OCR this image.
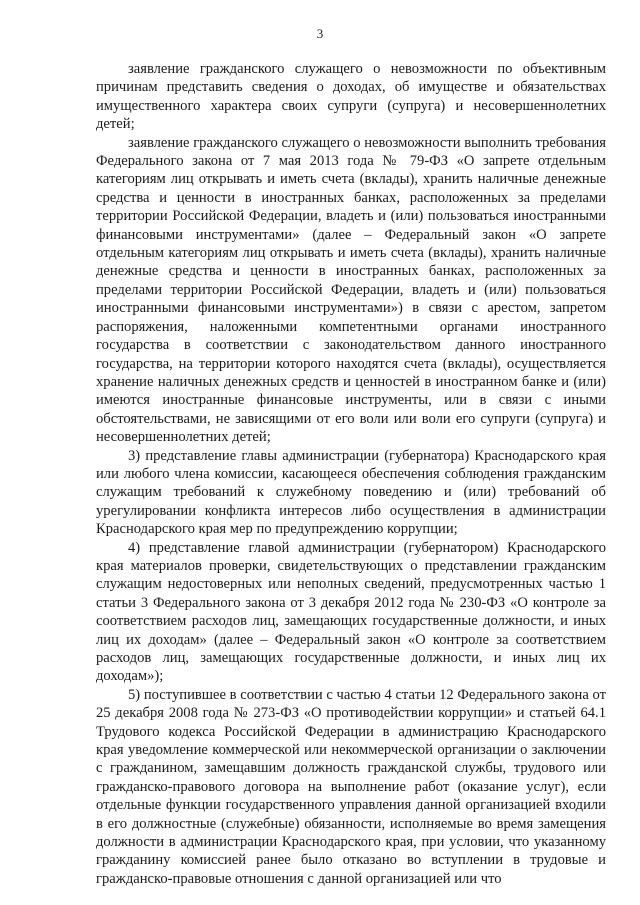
3

заявление гражданского служащего о невозможности по объективным причинам представить сведения о доходах, об имуществе и обязательствах имущественного характера своих супруги (супруга) и несовершеннолетних детей;

заявление гражданского служащего о невозможности выполнить требования Федерального закона от 7 мая 2013 года № 79-ФЗ «О запрете отдельным категориям лиц открывать и иметь счета (вклады), хранить наличные денежные средства и ценности в иностранных банках, расположенных за пределами территории Российской Федерации, владеть и (или) пользоваться иностранными финансовыми инструментами» (далее – Федеральный закон «О запрете отдельным категориям лиц открывать и иметь счета (вклады), хранить наличные денежные средства и ценности в иностранных банках, расположенных за пределами территории Российской Федерации, владеть и (или) пользоваться иностранными финансовыми инструментами») в связи с арестом, запретом распоряжения, наложенными компетентными органами иностранного государства в соответствии с законодательством данного иностранного государства, на территории которого находятся счета (вклады), осуществляется хранение наличных денежных средств и ценностей в иностранном банке и (или) имеются иностранные финансовые инструменты, или в связи с иными обстоятельствами, не зависящими от его воли или воли его супруги (супруга) и несовершеннолетних детей;

3) представление главы администрации (губернатора) Краснодарского края или любого члена комиссии, касающееся обеспечения соблюдения гражданским служащим требований к служебному поведению и (или) требований об урегулировании конфликта интересов либо осуществления в администрации Краснодарского края мер по предупреждению коррупции;

4) представление главой администрации (губернатором) Краснодарского края материалов проверки, свидетельствующих о представлении гражданским служащим недостоверных или неполных сведений, предусмотренных частью 1 статьи 3 Федерального закона от 3 декабря 2012 года № 230-ФЗ «О контроле за соответствием расходов лиц, замещающих государственные должности, и иных лиц их доходам» (далее – Федеральный закон «О контроле за соответствием расходов лиц, замещающих государственные должности, и иных лиц их доходам»);

5) поступившее в соответствии с частью 4 статьи 12 Федерального закона от 25 декабря 2008 года № 273-ФЗ «О противодействии коррупции» и статьей 64.1 Трудового кодекса Российской Федерации в администрацию Краснодарского края уведомление коммерческой или некоммерческой организации о заключении с гражданином, замещавшим должность гражданской службы, трудового или гражданско-правового договора на выполнение работ (оказание услуг), если отдельные функции государственного управления данной организацией входили в его должностные (служебные) обязанности, исполняемые во время замещения должности в администрации Краснодарского края, при условии, что указанному гражданину комиссией ранее было отказано во вступлении в трудовые и гражданско-правовые отношения с данной организацией или что
